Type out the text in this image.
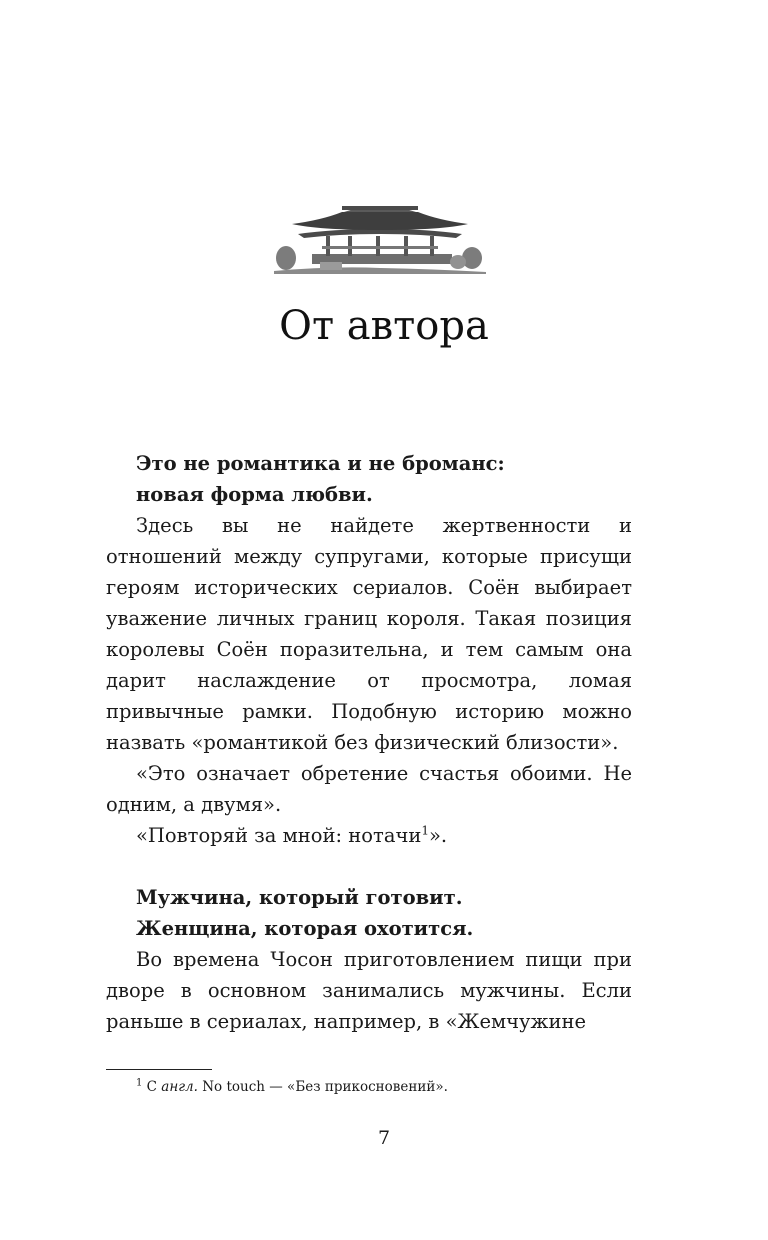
От автора

Это не романтика и не броманс:

новая форма любви.

Здесь вы не найдете жертвенности и отношений между супругами, которые присущи героям исторических сериалов. Соён выбирает уважение личных границ короля. Такая позиция королевы Соён поразительна, и тем самым она дарит наслаждение от просмотра, ломая привычные рамки. Подобную историю можно назвать «романтикой без физический близости».

«Это означает обретение счастья обоими. Не одним, а двумя».

«Повторяй за мной: нотачи$^1$».

Мужчина, который готовит.

Женщина, которая охотится.

Во времена Чосон приготовлением пищи при дворе в основном занимались мужчины. Если раньше в сериалах, например, в «Жемчужине

$^1$ С англ. No touch — «Без прикосновений».
7
